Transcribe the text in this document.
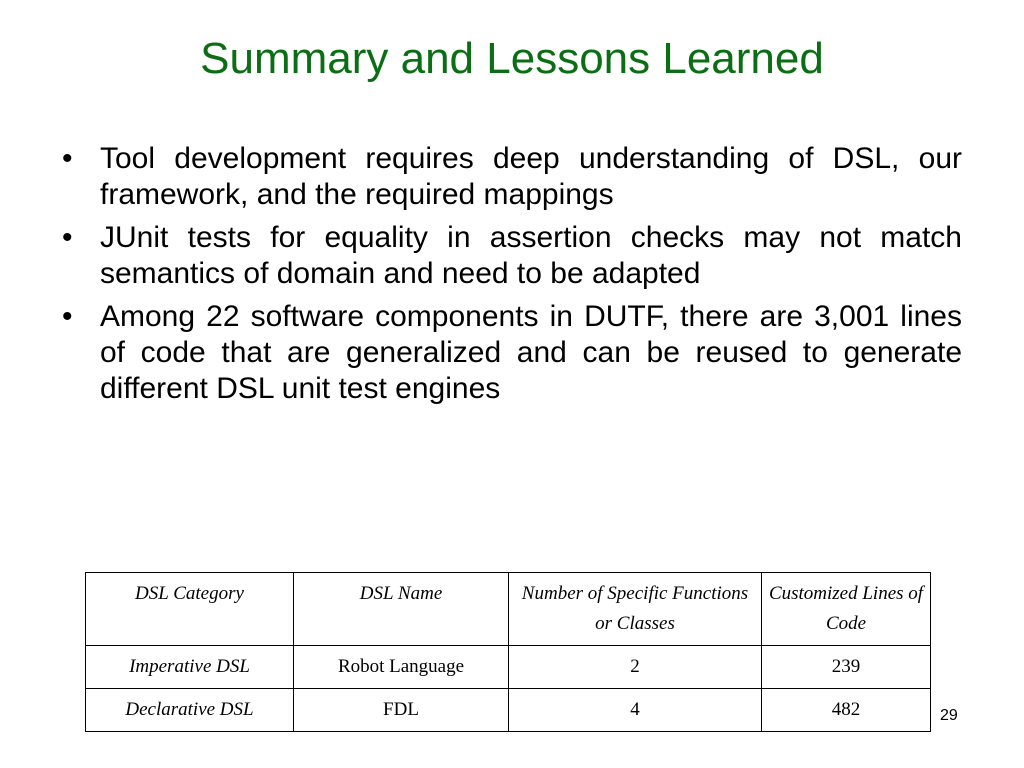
Summary and Lessons Learned
• Tool development requires deep understanding of DSL, our framework, and the required mappings
• JUnit tests for equality in assertion checks may not match semantics of domain and need to be adapted
• Among 22 software components in DUTF, there are 3,001 lines of code that are generalized and can be reused to generate different DSL unit test engines
DSL Category	DSL Name	Number of Specific Functions or Classes	Customized Lines of Code
Imperative DSL	Robot Language	2	239
Declarative DSL	FDL	4	482	29
